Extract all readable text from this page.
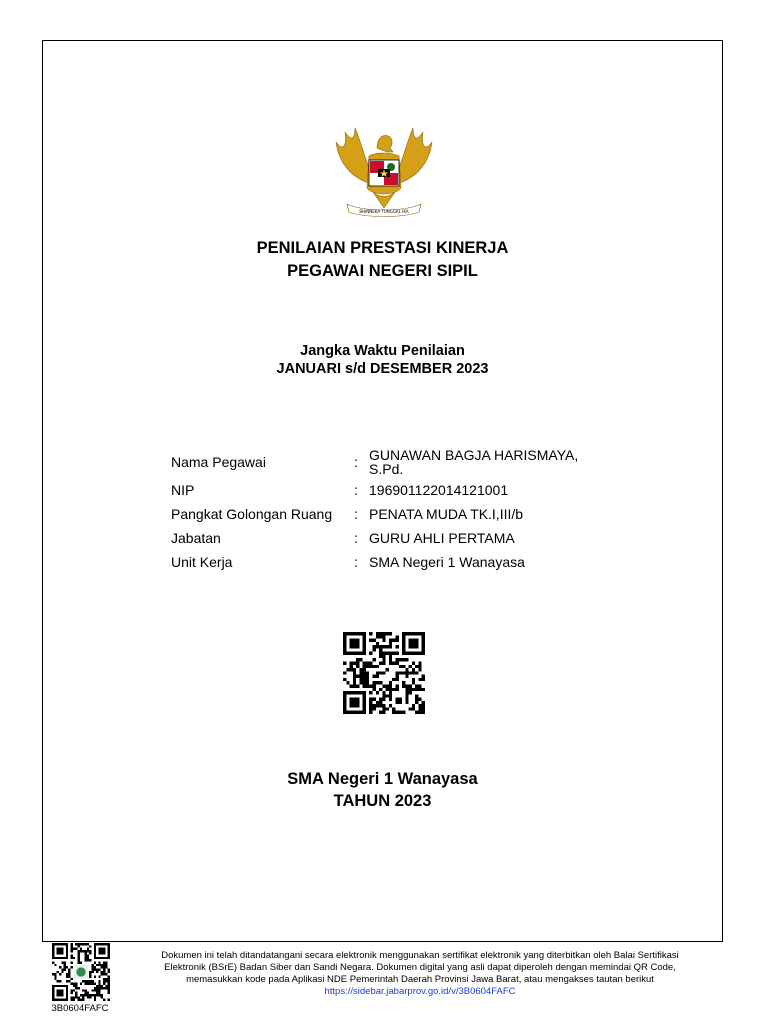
BHINNEKA TUNGGAL IKA
PENILAIAN PRESTASI KINERJA
PEGAWAI NEGERI SIPIL
Jangka Waktu Penilaian
JANUARI s/d DESEMBER 2023
Nama Pegawai	:	GUNAWAN BAGJA HARISMAYA,
S.Pd.

NIP	:	196901122014121001
Pangkat Golongan Ruang	:	PENATA MUDA TK.I,III/b
Jabatan	:	GURU AHLI PERTAMA
Unit Kerja	:	SMA Negeri 1 Wanayasa
SMA Negeri 1 Wanayasa
TAHUN 2023
3B0604FAFC
Dokumen ini telah ditandatangani secara elektronik menggunakan sertifikat elektronik yang diterbitkan oleh Balai Sertifikasi
Elektronik (BSrE) Badan Siber dan Sandi Negara. Dokumen digital yang asli dapat diperoleh dengan memindai QR Code,
memasukkan kode pada Aplikasi NDE Pemerintah Daerah Provinsi Jawa Barat, atau mengakses tautan berikut
https://sidebar.jabarprov.go.id/v/3B0604FAFC
